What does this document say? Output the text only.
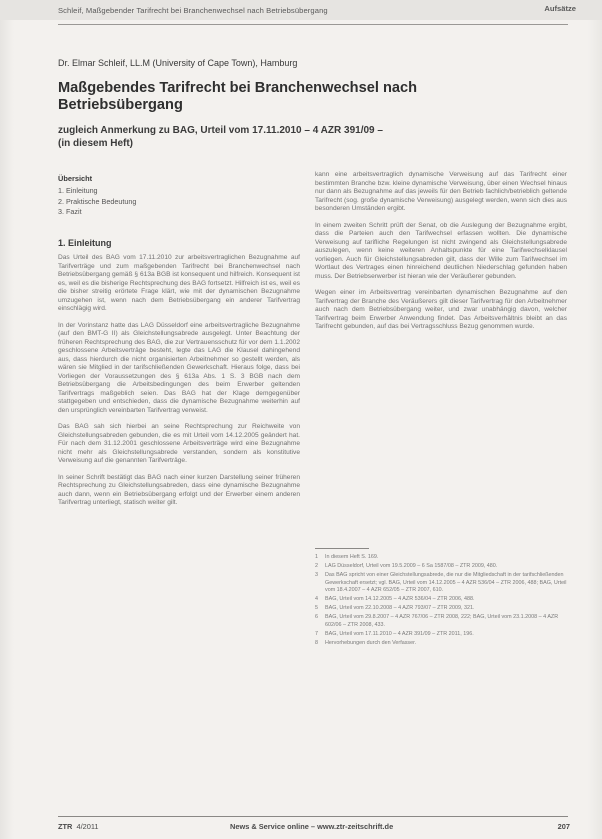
Schleif, Maßgebender Tarifrecht bei Branchenwechsel nach Betriebsübergang	Aufsätze
Dr. Elmar Schleif, LL.M (University of Cape Town), Hamburg
Maßgebendes Tarifrecht bei Branchenwechsel nach
Betriebsübergang
zugleich Anmerkung zu BAG, Urteil vom 17.11.2010 – 4 AZR 391/09 –
(in diesem Heft)
Übersicht
1. Einleitung
2. Praktische Bedeutung
3. Fazit
1. Einleitung

Das Urteil des BAG vom 17.11.2010 zur arbeitsvertraglichen Bezugnahme auf Tarifverträge und zum maßgebenden Tarifrecht bei Branchenwechsel nach Betriebsübergang gemäß § 613a BGB ist konsequent und hilfreich. Konsequent ist es, weil es die bisherige Rechtsprechung des BAG fortsetzt. Hilfreich ist es, weil es die bisher streitig erörtete Frage klärt, wie mit der dynamischen Bezugnahme umzugehen ist, wenn nach dem Betriebsübergang ein anderer Tarifvertrag einschlägig wird.

In der Vorinstanz hatte das LAG Düsseldorf eine arbeitsvertragliche Bezugnahme (auf den BMT-G II) als Gleichstellungsabrede ausgelegt. Unter Beachtung der früheren Rechtsprechung des BAG, die zur Vertrauensschutz für vor dem 1.1.2002 geschlossene Arbeitsverträge besteht, legte das LAG die Klausel dahingehend aus, dass hierdurch die nicht organisierten Arbeitnehmer so gestellt werden, als wären sie Mitglied in der tarifschließenden Gewerkschaft. Hieraus folge, dass bei Vorliegen der Voraussetzungen des § 613a Abs. 1 S. 3 BGB nach dem Betriebsübergang die Arbeitsbedingungen des beim Erwerber geltenden Tarifvertrags maßgeblich seien. Das BAG hat der Klage demgegenüber stattgegeben und entschieden, dass die dynamische Bezugnahme weiterhin auf den ursprünglich vereinbarten Tarifvertrag verweist.

Das BAG sah sich hierbei an seine Rechtsprechung zur Reichweite von Gleichstellungsabreden gebunden, die es mit Urteil vom 14.12.2005 geändert hat. Für nach dem 31.12.2001 geschlossene Arbeitsverträge wird eine Bezugnahme nicht mehr als Gleichstellungsabrede verstanden, sondern als konstitutive Verweisung auf die genannten Tarifverträge.

In seiner Schrift bestätigt das BAG nach einer kurzen Darstellung seiner früheren Rechtsprechung zu Gleichstellungsabreden, dass eine dynamische Bezugnahme auch dann, wenn ein Betriebsübergang erfolgt und der Erwerber einem anderen Tarifvertrag unterliegt, statisch weiter gilt.

kann eine arbeitsvertraglich dynamische Verweisung auf das Tarifrecht einer bestimmten Branche bzw. kleine dynamische Verweisung, über einen Wechsel hinaus nur dann als Bezugnahme auf das jeweils für den Betrieb fachlich/betrieblich geltende Tarifrecht (sog. große dynamische Verweisung) ausgelegt werden, wenn sich dies aus besonderen Umständen ergibt.

In einem zweiten Schritt prüft der Senat, ob die Auslegung der Bezugnahme ergibt, dass die Parteien auch den Tarifwechsel erfassen wollten. Die dynamische Verweisung auf tarifliche Regelungen ist nicht zwingend als Gleichstellungsabrede auszulegen, wenn keine weiteren Anhaltspunkte für eine Tarifwechselklausel vorliegen. Auch für Gleichstellungsabreden gilt, dass der Wille zum Tarifwechsel im Wortlaut des Vertrages einen hinreichend deutlichen Niederschlag gefunden haben muss. Der Betriebserwerber ist hieran wie der Veräußerer gebunden.

Wegen einer im Arbeitsvertrag vereinbarten dynamischen Bezugnahme auf den Tarifvertrag der Branche des Veräußerers gilt dieser Tarifvertrag für den Arbeitnehmer auch nach dem Betriebsübergang weiter, und zwar unabhängig davon, welcher Tarifvertrag beim Erwerber Anwendung findet. Das Arbeitsverhältnis bleibt an das Tarifrecht gebunden, auf das bei Vertragsschluss Bezug genommen wurde.

1	In diesem Heft S. 169.
2	LAG Düsseldorf, Urteil vom 19.5.2009 – 6 Sa 1587/08 – ZTR 2009, 480.
3	Das BAG spricht von einer Gleichstellungsabrede, die nur die Mitgliedschaft in der tarifschließenden Gewerkschaft ersetzt; vgl. BAG, Urteil vom 14.12.2005 – 4 AZR 536/04 – ZTR 2006, 488; BAG, Urteil vom 18.4.2007 – 4 AZR 652/05 – ZTR 2007, 610.
4	BAG, Urteil vom 14.12.2005 – 4 AZR 536/04 – ZTR 2006, 488.
5	BAG, Urteil vom 22.10.2008 – 4 AZR 793/07 – ZTR 2009, 321.
6	BAG, Urteil vom 29.8.2007 – 4 AZR 767/06 – ZTR 2008, 222; BAG, Urteil vom 23.1.2008 – 4 AZR 602/06 – ZTR 2008, 433.
7	BAG, Urteil vom 17.11.2010 – 4 AZR 391/09 – ZTR 2011, 196.
8	Hervorhebungen durch den Verfasser.
ZTR 4/2011	News & Service online – www.ztr-zeitschrift.de	207
